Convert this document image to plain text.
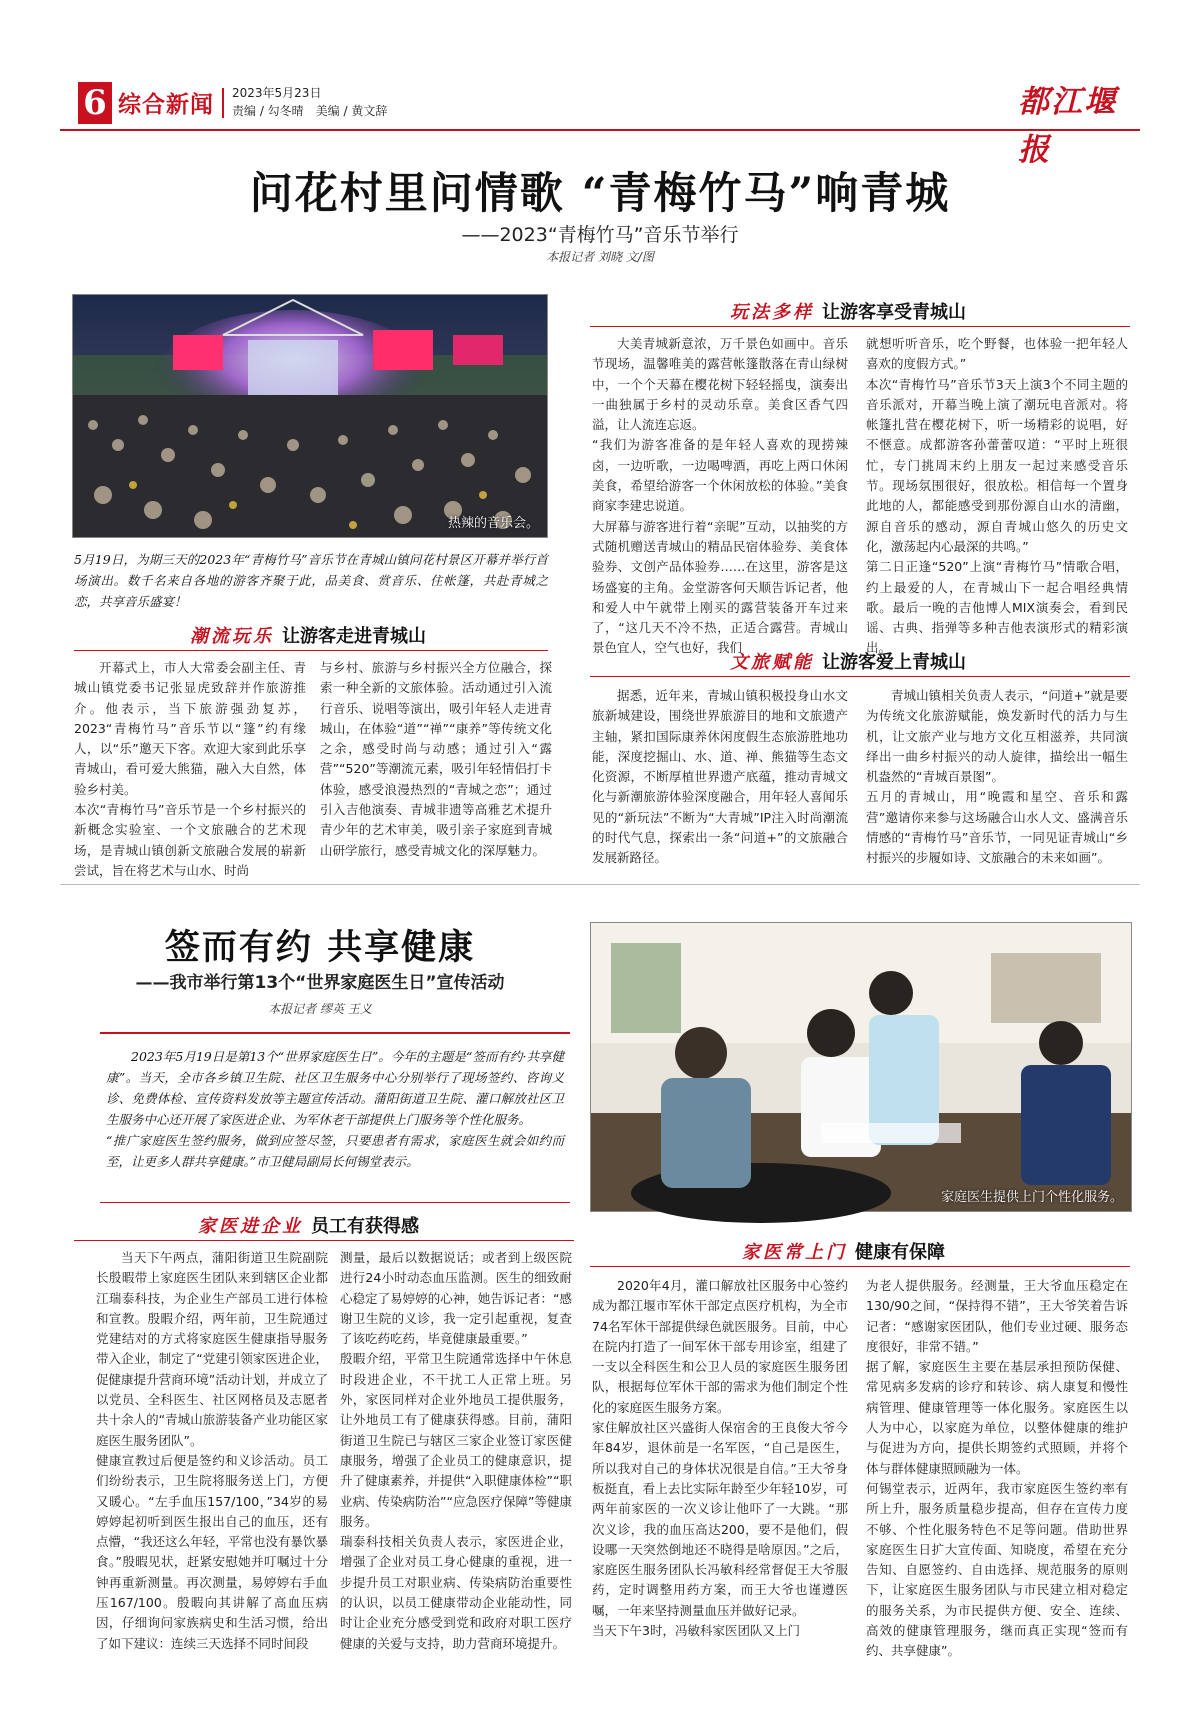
6 综合新闻 2023年5月23日
责编 / 勾冬晴　美编 / 黄文辞	都江堰报
问花村里问情歌 “青梅竹马”响青城
——2023“青梅竹马”音乐节举行
本报记者 刘晓 文/图
热辣的音乐会。
5月19日，为期三天的2023年“青梅竹马”音乐节在青城山镇问花村景区开幕并举行首场演出。数千名来自各地的游客齐聚于此，品美食、赏音乐、住帐篷，共赴青城之恋，共享音乐盛宴！
潮流玩乐 让游客走进青城山
开幕式上，市人大常委会副主任、青城山镇党委书记张显虎致辞并作旅游推介。他表示，当下旅游强劲复苏，2023“青梅竹马”音乐节以“篷”约有缘人，以“乐”邀天下客。欢迎大家到此乐享青城山，看可爱大熊猫，融入大自然，体验乡村美。
本次“青梅竹马”音乐节是一个乡村振兴的新概念实验室、一个文旅融合的艺术现场，是青城山镇创新文旅融合发展的崭新尝试，旨在将艺术与山水、时尚
与乡村、旅游与乡村振兴全方位融合，探索一种全新的文旅体验。活动通过引入流行音乐、说唱等演出，吸引年轻人走进青城山，在体验“道”“禅”“康养”等传统文化之余，感受时尚与动感；通过引入“露营”“520”等潮流元素，吸引年轻情侣打卡体验，感受浪漫热烈的“青城之恋”；通过引入吉他演奏、青城非遗等高雅艺术提升青少年的艺术审美，吸引亲子家庭到青城山研学旅行，感受青城文化的深厚魅力。
玩法多样 让游客享受青城山
大美青城新意浓，万千景色如画中。音乐节现场，温馨唯美的露营帐篷散落在青山绿树中，一个个天幕在樱花树下轻轻摇曳，演奏出一曲独属于乡村的灵动乐章。美食区香气四溢，让人流连忘返。
“我们为游客准备的是年轻人喜欢的现捞辣卤，一边听歌，一边喝啤酒，再吃上两口休闲美食，希望给游客一个休闲放松的体验。”美食商家李建忠说道。
大屏幕与游客进行着“亲昵”互动，以抽奖的方式随机赠送青城山的精品民宿体验券、美食体验券、文创产品体验券……在这里，游客是这场盛宴的主角。金堂游客何天顺告诉记者，他和爱人中午就带上刚买的露营装备开车过来了，“这几天不冷不热，正适合露营。青城山景色宜人，空气也好，我们
就想听听音乐，吃个野餐，也体验一把年轻人喜欢的度假方式。”
本次“青梅竹马”音乐节3天上演3个不同主题的音乐派对，开幕当晚上演了潮玩电音派对。将帐篷扎营在樱花树下，听一场精彩的说唱，好不惬意。成都游客孙蕾蕾叹道：“平时上班很忙，专门挑周末约上朋友一起过来感受音乐节。现场氛围很好，很放松。相信每一个置身此地的人，都能感受到那份源自山水的清幽，源自音乐的感动，源自青城山悠久的历史文化，激荡起内心最深的共鸣。”
第二日正逢“520”上演“青梅竹马”情歌合唱，约上最爱的人，在青城山下一起合唱经典情歌。最后一晚的吉他博人MIX演奏会，看到民谣、古典、指弹等多种吉他表演形式的精彩演出。
文旅赋能 让游客爱上青城山
据悉，近年来，青城山镇积极投身山水文旅新城建设，围绕世界旅游目的地和文旅遗产主轴，紧扣国际康养休闲度假生态旅游胜地功能，深度挖掘山、水、道、禅、熊猫等生态文化资源，不断厚植世界遗产底蕴，推动青城文化与新潮旅游体验深度融合，用年轻人喜闻乐见的“新玩法”不断为“大青城”IP注入时尚潮流的时代气息，探索出一条“问道+”的文旅融合发展新路径。
青城山镇相关负责人表示，“问道+”就是要为传统文化旅游赋能，焕发新时代的活力与生机，让文旅产业与地方文化互相滋养，共同演绎出一曲乡村振兴的动人旋律，描绘出一幅生机盎然的“青城百景图”。
五月的青城山，用“晚霞和星空、音乐和露营”邀请你来参与这场融合山水人文、盛满音乐情感的“青梅竹马”音乐节，一同见证青城山“乡村振兴的步履如诗、文旅融合的未来如画”。
签而有约 共享健康
——我市举行第13个“世界家庭医生日”宣传活动
本报记者 缪英 王义
2023年5月19日是第13个“世界家庭医生日”。今年的主题是“签而有约·共享健康”。当天，全市各乡镇卫生院、社区卫生服务中心分别举行了现场签约、咨询义诊、免费体检、宣传资料发放等主题宣传活动。蒲阳街道卫生院、灌口解放社区卫生服务中心还开展了家医进企业、为军休老干部提供上门服务等个性化服务。
“推广家庭医生签约服务，做到应签尽签，只要患者有需求，家庭医生就会如约而至，让更多人群共享健康。”市卫健局副局长何锡堂表示。
家庭医生提供上门个性化服务。
家医进企业 员工有获得感
当天下午两点，蒲阳街道卫生院副院长殷暇带上家庭医生团队来到辖区企业都江瑞泰科技，为企业生产部员工进行体检和宣教。殷暇介绍，两年前，卫生院通过党建结对的方式将家庭医生健康指导服务带入企业，制定了“党建引领家医进企业，促健康提升营商环境”活动计划，并成立了以党员、全科医生、社区网格员及志愿者共十余人的“青城山旅游装备产业功能区家庭医生服务团队”。
健康宣教过后便是签约和义诊活动。员工们纷纷表示，卫生院将服务送上门，方便又暖心。“左手血压157/100，”34岁的易婷婷起初听到医生报出自己的血压，还有点懵，“我还这么年轻，平常也没有暴饮暴食。”殷暇见状，赶紧安慰她并叮嘱过十分钟再重新测量。再次测量，易婷婷右手血压167/100。殷暇向其讲解了高血压病因，仔细询问家族病史和生活习惯，给出了如下建议：连续三天选择不同时间段
测量，最后以数据说话；或者到上级医院进行24小时动态血压监测。医生的细致耐心稳定了易婷婷的心神，她告诉记者：“感谢卫生院的义诊，我一定引起重视，复查了该吃药吃药，毕竟健康最重要。”
殷暇介绍，平常卫生院通常选择中午休息时段进企业，不干扰工人正常上班。另外，家医同样对企业外地员工提供服务，让外地员工有了健康获得感。目前，蒲阳街道卫生院已与辖区三家企业签订家医健康服务，增强了企业员工的健康意识，提升了健康素养，并提供“入职健康体检”“职业病、传染病防治”“应急医疗保障”等健康服务。
瑞泰科技相关负责人表示，家医进企业，增强了企业对员工身心健康的重视，进一步提升员工对职业病、传染病防治重要性的认识，以员工健康带动企业能动性，同时让企业充分感受到党和政府对职工医疗健康的关爱与支持，助力营商环境提升。
家医常上门 健康有保障
2020年4月，灌口解放社区服务中心签约成为都江堰市军休干部定点医疗机构，为全市74名军休干部提供绿色就医服务。目前，中心在院内打造了一间军休干部专用诊室，组建了一支以全科医生和公卫人员的家庭医生服务团队，根据每位军休干部的需求为他们制定个性化的家庭医生服务方案。
家住解放社区兴盛街人保宿舍的王良俊大爷今年84岁，退休前是一名军医，“自己是医生，所以我对自己的身体状况很是自信。”王大爷身板挺直，看上去比实际年龄至少年轻10岁，可两年前家医的一次义诊让他吓了一大跳。“那次义诊，我的血压高达200，要不是他们，假设哪一天突然倒地还不晓得是啥原因。”之后，家庭医生服务团队长冯敏科经常督促王大爷服药，定时调整用药方案，而王大爷也谨遵医嘱，一年来坚持测量血压并做好记录。
当天下午3时，冯敏科家医团队又上门
为老人提供服务。经测量，王大爷血压稳定在130/90之间，“保持得不错”，王大爷笑着告诉记者：“感谢家医团队，他们专业过硬、服务态度很好，非常不错。”
据了解，家庭医生主要在基层承担预防保健、常见病多发病的诊疗和转诊、病人康复和慢性病管理、健康管理等一体化服务。家庭医生以人为中心，以家庭为单位，以整体健康的维护与促进为方向，提供长期签约式照顾，并将个体与群体健康照顾融为一体。
何锡堂表示，近两年，我市家庭医生签约率有所上升，服务质量稳步提高，但存在宣传力度不够、个性化服务特色不足等问题。借助世界家庭医生日扩大宣传面、知晓度，希望在充分告知、自愿签约、自由选择、规范服务的原则下，让家庭医生服务团队与市民建立相对稳定的服务关系，为市民提供方便、安全、连续、高效的健康管理服务，继而真正实现“签而有约、共享健康”。
